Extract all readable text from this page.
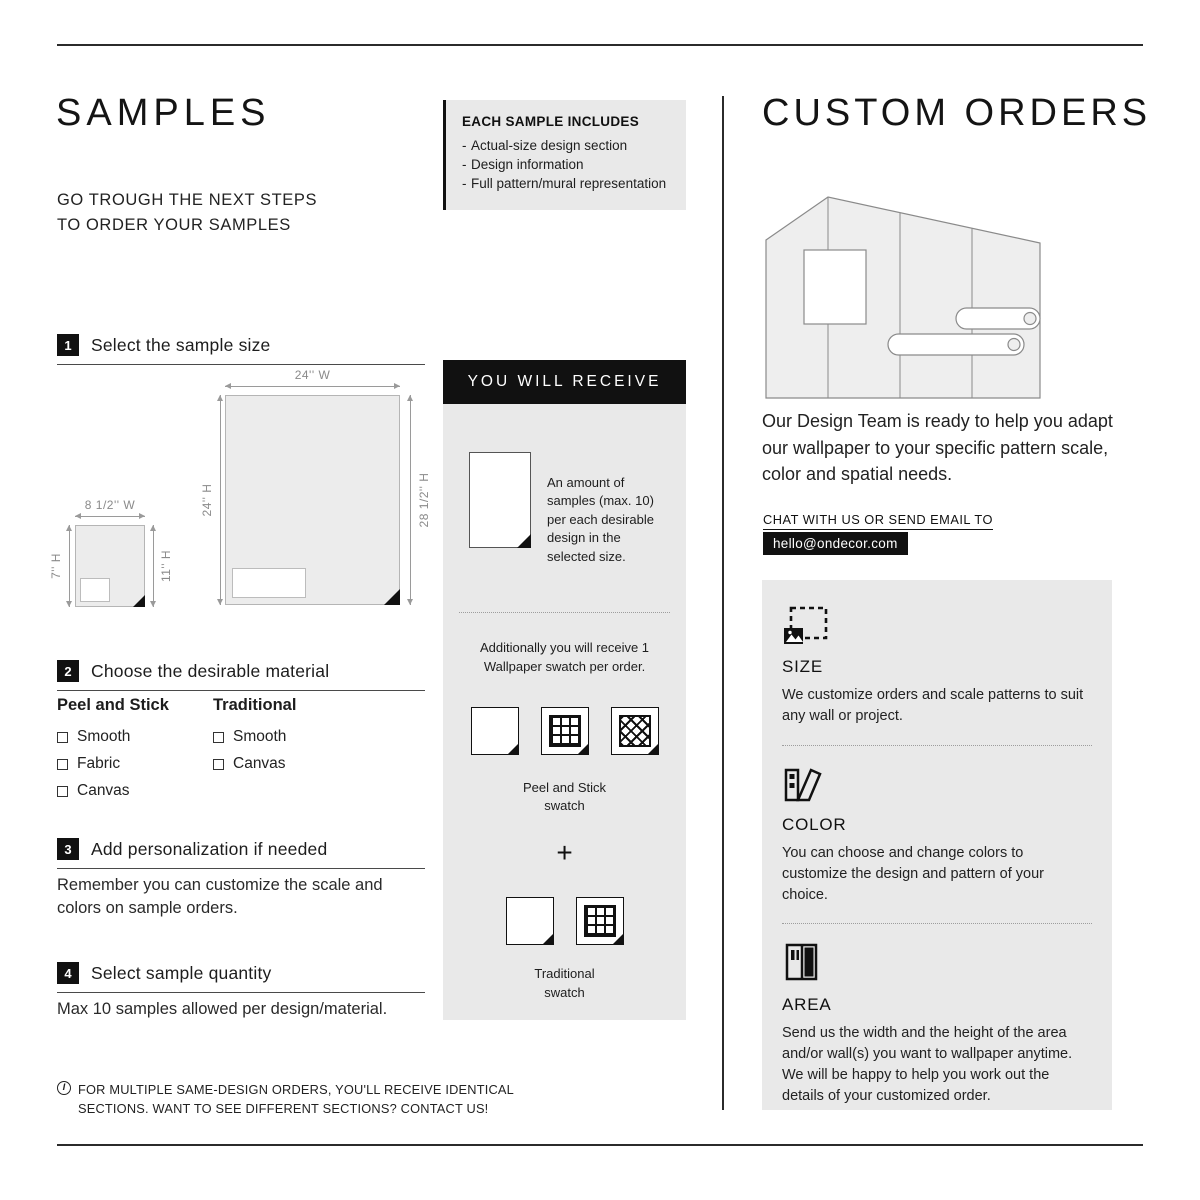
SAMPLES
GO TROUGH THE NEXT STEPS
TO ORDER YOUR SAMPLES
1	Select the sample size
24'' W
24'' H	28 1/2'' H
8 1/2'' W
7'' H	11'' H
2	Choose the desirable material
Peel and Stick
Smooth
Fabric
Canvas
Traditional
Smooth
Canvas
3	Add personalization if needed

Remember you can customize the scale and colors on sample orders.

4	Select sample quantity

Max 10 samples allowed per design/material.

I FOR MULTIPLE SAME-DESIGN ORDERS, YOU'LL RECEIVE IDENTICAL SECTIONS. WANT TO SEE DIFFERENT SECTIONS? CONTACT US!
EACH SAMPLE INCLUDES
- Actual-size design section
- Design information
- Full pattern/mural representation
YOU WILL RECEIVE
An amount of samples (max. 10) per each desirable design in the selected size.
Additionally you will receive 1 Wallpaper swatch per order.
Peel and Stick swatch
+
Traditional swatch
CUSTOM ORDERS

Our Design Team is ready to help you adapt our wallpaper to your specific pattern scale, color and spatial needs.

CHAT WITH US OR SEND EMAIL TO
hello@ondecor.com
SIZE
We customize orders and scale patterns to suit any wall or project.
COLOR
You can choose and change colors to customize the design and pattern of your choice.
AREA
Send us the width and the height of the area and/or wall(s) you want to wallpaper anytime. We will be happy to help you work out the details of your customized order.
